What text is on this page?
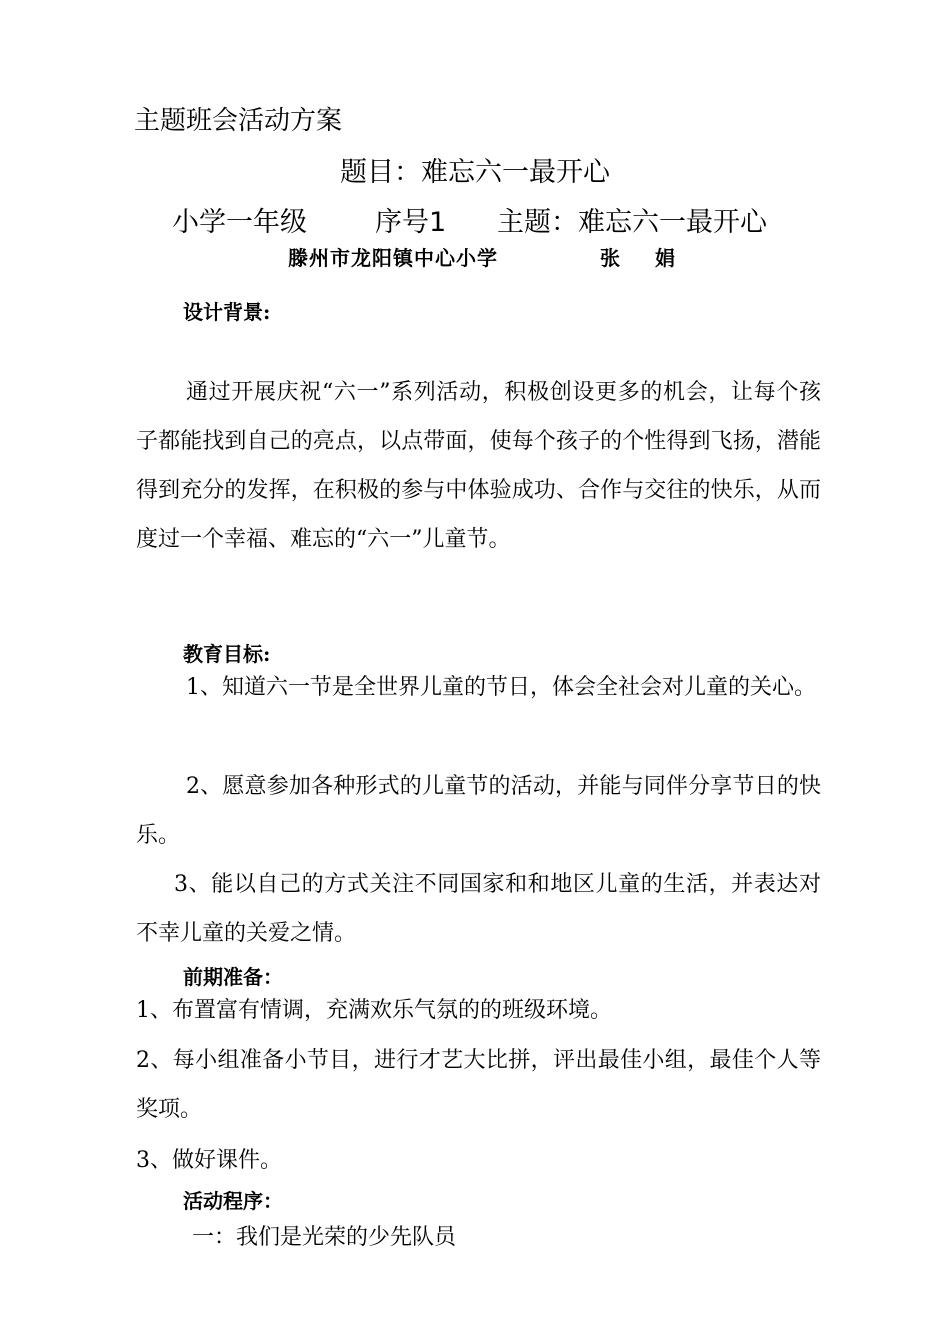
主题班会活动方案
题目：难忘六一最开心
小学一年级	序号1 主题：难忘六一最开心
滕州市龙阳镇中心小学	张 娟
设计背景:
通过开展庆祝“六一”系列活动，积极创设更多的机会，让每个孩子都能找到自己的亮点，以点带面，使每个孩子的个性得到飞扬，潜能得到充分的发挥，在积极的参与中体验成功、合作与交往的快乐，从而度过一个幸福、难忘的“六一”儿童节。
教育目标:
1、知道六一节是全世界儿童的节日，体会全社会对儿童的关心。
2、愿意参加各种形式的儿童节的活动，并能与同伴分享节日的快乐。
3、能以自己的方式关注不同国家和和地区儿童的生活，并表达对不幸儿童的关爱之情。
前期准备：
1、布置富有情调，充满欢乐气氛的的班级环境。
2、每小组准备小节目，进行才艺大比拼，评出最佳小组，最佳个人等奖项。
3、做好课件。
活动程序：
一：我们是光荣的少先队员
